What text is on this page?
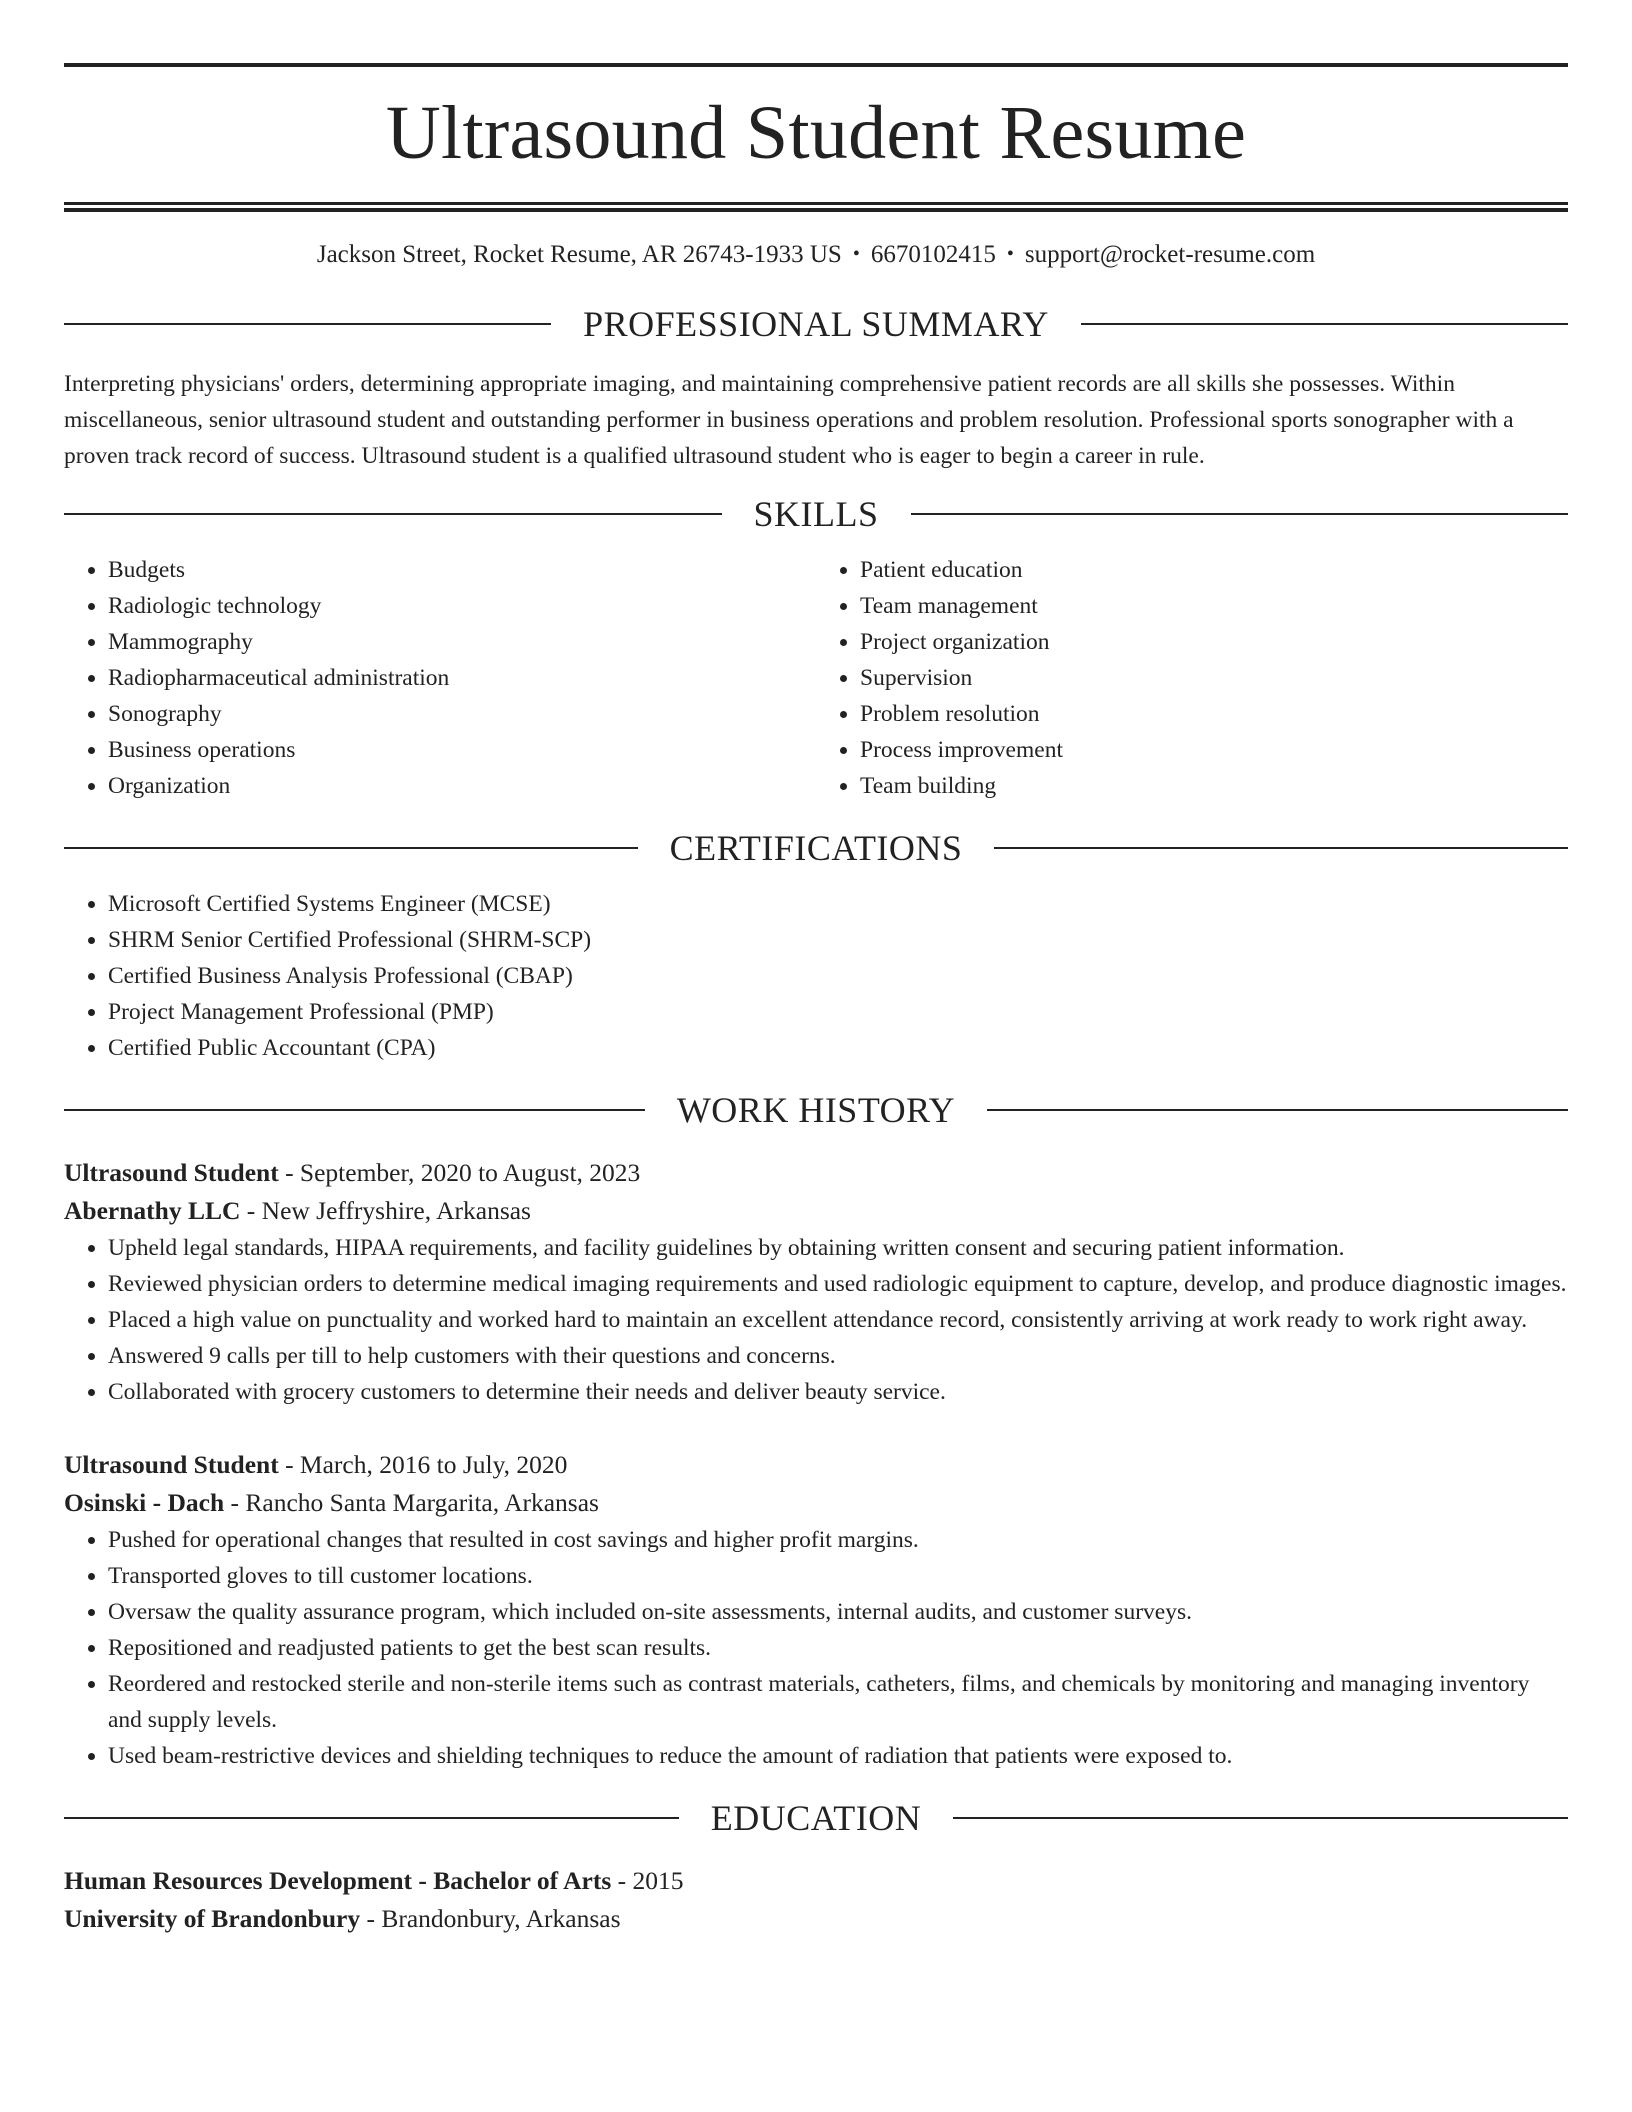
Ultrasound Student Resume
Jackson Street, Rocket Resume, AR 26743-1933 US • 6670102415 • support@rocket-resume.com
PROFESSIONAL SUMMARY
Interpreting physicians' orders, determining appropriate imaging, and maintaining comprehensive patient records are all skills she possesses. Within miscellaneous, senior ultrasound student and outstanding performer in business operations and problem resolution. Professional sports sonographer with a proven track record of success. Ultrasound student is a qualified ultrasound student who is eager to begin a career in rule.
SKILLS
• Budgets
• Radiologic technology
• Mammography
• Radiopharmaceutical administration
• Sonography
• Business operations
• Organization
• Patient education
• Team management
• Project organization
• Supervision
• Problem resolution
• Process improvement
• Team building
CERTIFICATIONS
• Microsoft Certified Systems Engineer (MCSE)
• SHRM Senior Certified Professional (SHRM-SCP)
• Certified Business Analysis Professional (CBAP)
• Project Management Professional (PMP)
• Certified Public Accountant (CPA)
WORK HISTORY
Ultrasound Student - September, 2020 to August, 2023
Abernathy LLC - New Jeffryshire, Arkansas
• Upheld legal standards, HIPAA requirements, and facility guidelines by obtaining written consent and securing patient information.
• Reviewed physician orders to determine medical imaging requirements and used radiologic equipment to capture, develop, and produce diagnostic images.
• Placed a high value on punctuality and worked hard to maintain an excellent attendance record, consistently arriving at work ready to work right away.
• Answered 9 calls per till to help customers with their questions and concerns.
• Collaborated with grocery customers to determine their needs and deliver beauty service.
Ultrasound Student - March, 2016 to July, 2020
Osinski - Dach - Rancho Santa Margarita, Arkansas
• Pushed for operational changes that resulted in cost savings and higher profit margins.
• Transported gloves to till customer locations.
• Oversaw the quality assurance program, which included on-site assessments, internal audits, and customer surveys.
• Repositioned and readjusted patients to get the best scan results.
• Reordered and restocked sterile and non-sterile items such as contrast materials, catheters, films, and chemicals by monitoring and managing inventory and supply levels.
• Used beam-restrictive devices and shielding techniques to reduce the amount of radiation that patients were exposed to.
EDUCATION
Human Resources Development - Bachelor of Arts - 2015
University of Brandonbury - Brandonbury, Arkansas
